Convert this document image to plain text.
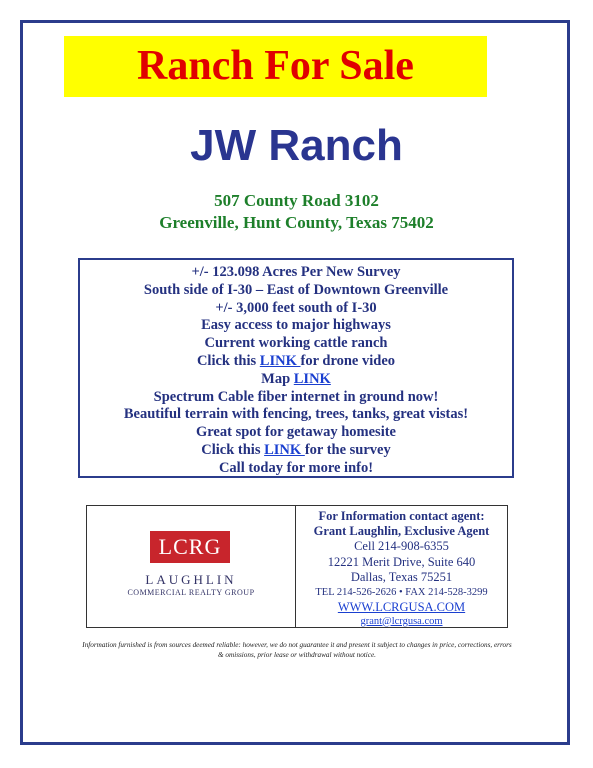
Ranch For Sale
JW Ranch
507 County Road 3102
Greenville, Hunt County, Texas 75402
+/- 123.098 Acres Per New Survey
South side of I-30 – East of Downtown Greenville
+/- 3,000 feet south of I-30
Easy access to major highways
Current working cattle ranch
Click this LINK for drone video
Map LINK
Spectrum Cable fiber internet in ground now!
Beautiful terrain with fencing, trees, tanks, great vistas!
Great spot for getaway homesite
Click this LINK for the survey
Call today for more info!
LCRG
LAUGHLIN
COMMERCIAL REALTY GROUP
For Information contact agent:
Grant Laughlin, Exclusive Agent
Cell 214-908-6355
12221 Merit Drive, Suite 640
Dallas, Texas 75251
TEL 214-526-2626 • FAX 214-528-3299
WWW.LCRGUSA.COM
grant@lcrgusa.com
Information furnished is from sources deemed reliable: however, we do not guarantee it and present it subject to changes in price, corrections, errors & omissions, prior lease or withdrawal without notice.
